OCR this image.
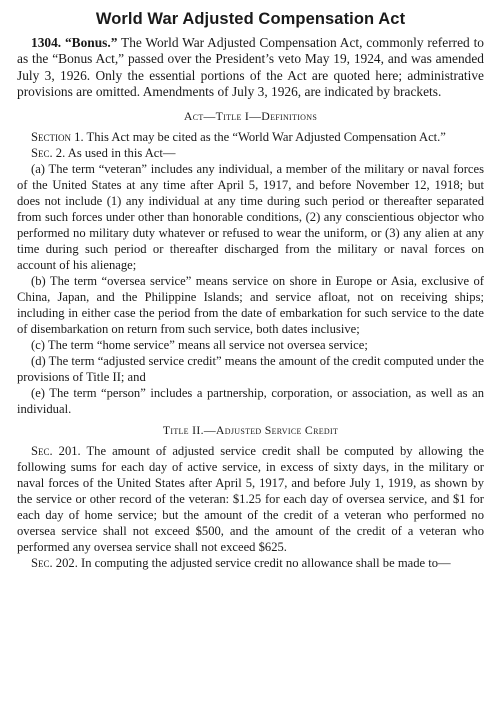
World War Adjusted Compensation Act

1304. “Bonus.” The World War Adjusted Compensation Act, commonly referred to as the “Bonus Act,” passed over the President’s veto May 19, 1924, and was amended July 3, 1926. Only the essential portions of the Act are quoted here; administrative provisions are omitted. Amendments of July 3, 1926, are indicated by brackets.

Act—Title I—Definitions

Section 1. This Act may be cited as the “World War Adjusted Compensation Act.”

Sec. 2. As used in this Act—

(a) The term “veteran” includes any individual, a member of the military or naval forces of the United States at any time after April 5, 1917, and before November 12, 1918; but does not include (1) any individual at any time during such period or thereafter separated from such forces under other than honorable conditions, (2) any conscientious objector who performed no military duty whatever or refused to wear the uniform, or (3) any alien at any time during such period or thereafter discharged from the military or naval forces on account of his alienage;

(b) The term “oversea service” means service on shore in Europe or Asia, exclusive of China, Japan, and the Philippine Islands; and service afloat, not on receiving ships; including in either case the period from the date of embarkation for such service to the date of disembarkation on return from such service, both dates inclusive;

(c) The term “home service” means all service not oversea service;

(d) The term “adjusted service credit” means the amount of the credit computed under the provisions of Title II; and

(e) The term “person” includes a partnership, corporation, or association, as well as an individual.

Title II.—Adjusted Service Credit

Sec. 201. The amount of adjusted service credit shall be computed by allowing the following sums for each day of active service, in excess of sixty days, in the military or naval forces of the United States after April 5, 1917, and before July 1, 1919, as shown by the service or other record of the veteran: $1.25 for each day of oversea service, and $1 for each day of home service; but the amount of the credit of a veteran who performed no oversea service shall not exceed $500, and the amount of the credit of a veteran who performed any oversea service shall not exceed $625.

Sec. 202. In computing the adjusted service credit no allowance shall be made to—
